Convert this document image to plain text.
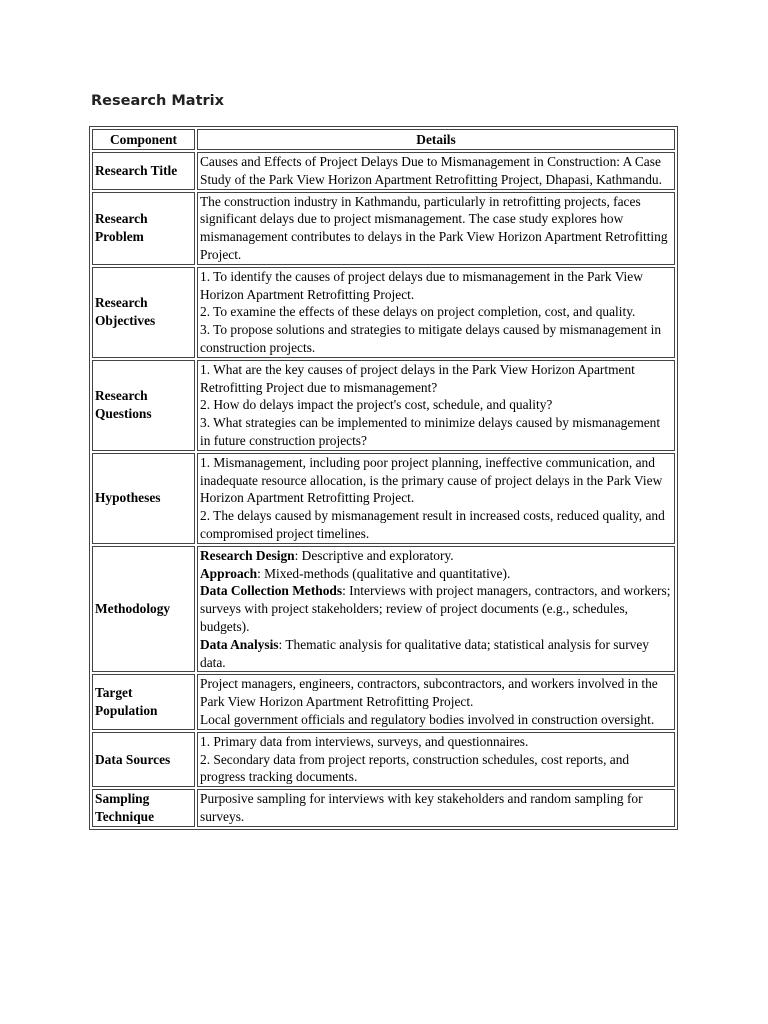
Research Matrix
Component	Details
Research Title	Causes and Effects of Project Delays Due to Mismanagement in Construction: A Case Study of the Park View Horizon Apartment Retrofitting Project, Dhapasi, Kathmandu.

Research Problem	The construction industry in Kathmandu, particularly in retrofitting projects, faces significant delays due to project mismanagement. The case study explores how mismanagement contributes to delays in the Park View Horizon Apartment Retrofitting Project.

Research Objectives	1. To identify the causes of project delays due to mismanagement in the Park View Horizon Apartment Retrofitting Project.
2. To examine the effects of these delays on project completion, cost, and quality.
3. To propose solutions and strategies to mitigate delays caused by mismanagement in construction projects.

Research Questions	1. What are the key causes of project delays in the Park View Horizon Apartment Retrofitting Project due to mismanagement?
2. How do delays impact the project's cost, schedule, and quality?
3. What strategies can be implemented to minimize delays caused by mismanagement in future construction projects?

Hypotheses	1. Mismanagement, including poor project planning, ineffective communication, and inadequate resource allocation, is the primary cause of project delays in the Park View Horizon Apartment Retrofitting Project.
2. The delays caused by mismanagement result in increased costs, reduced quality, and compromised project timelines.

Methodology	Research Design: Descriptive and exploratory.
Approach: Mixed-methods (qualitative and quantitative).
Data Collection Methods: Interviews with project managers, contractors, and workers; surveys with project stakeholders; review of project documents (e.g., schedules, budgets).
Data Analysis: Thematic analysis for qualitative data; statistical analysis for survey data.

Target Population	Project managers, engineers, contractors, subcontractors, and workers involved in the Park View Horizon Apartment Retrofitting Project.
Local government officials and regulatory bodies involved in construction oversight.

Data Sources	1. Primary data from interviews, surveys, and questionnaires.
2. Secondary data from project reports, construction schedules, cost reports, and progress tracking documents.

Sampling Technique	Purposive sampling for interviews with key stakeholders and random sampling for surveys.
